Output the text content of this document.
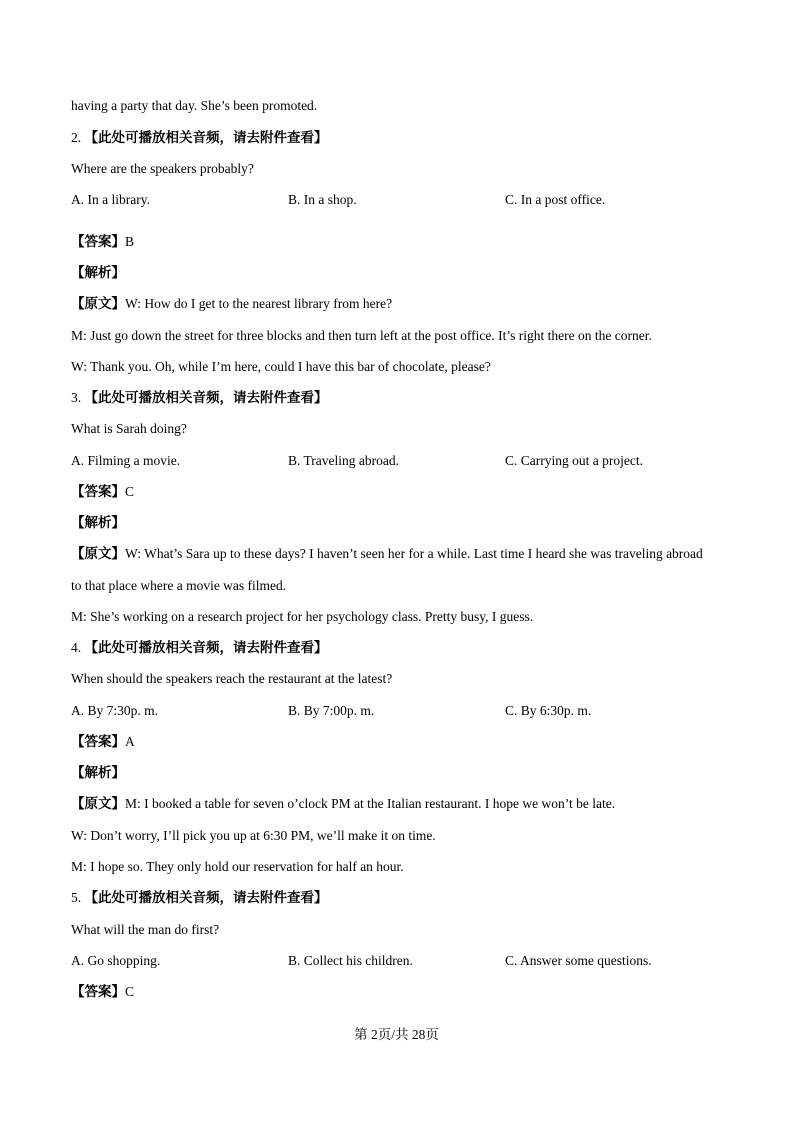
having a party that day. She’s been promoted.
2. 【此处可播放相关音频，请去附件查看】
Where are the speakers probably?
A. In a library.	B. In a shop.	C. In a post office.
【答案】B
【解析】
【原文】W: How do I get to the nearest library from here?
M: Just go down the street for three blocks and then turn left at the post office. It’s right there on the corner.
W: Thank you. Oh, while I’m here, could I have this bar of chocolate, please?
3. 【此处可播放相关音频，请去附件查看】
What is Sarah doing?
A. Filming a movie.	B. Traveling abroad.	C. Carrying out a project.
【答案】C
【解析】
【原文】W: What’s Sara up to these days? I haven’t seen her for a while. Last time I heard she was traveling abroad
to that place where a movie was filmed.
M: She’s working on a research project for her psychology class. Pretty busy, I guess.
4. 【此处可播放相关音频，请去附件查看】
When should the speakers reach the restaurant at the latest?
A. By 7:30p. m.	B. By 7:00p. m.	C. By 6:30p. m.
【答案】A
【解析】
【原文】M: I booked a table for seven o’clock PM at the Italian restaurant. I hope we won’t be late.
W: Don’t worry, I’ll pick you up at 6:30 PM, we’ll make it on time.
M: I hope so. They only hold our reservation for half an hour.
5. 【此处可播放相关音频，请去附件查看】
What will the man do first?
A. Go shopping.	B. Collect his children.	C. Answer some questions.
【答案】C
第 2页/共 28页
